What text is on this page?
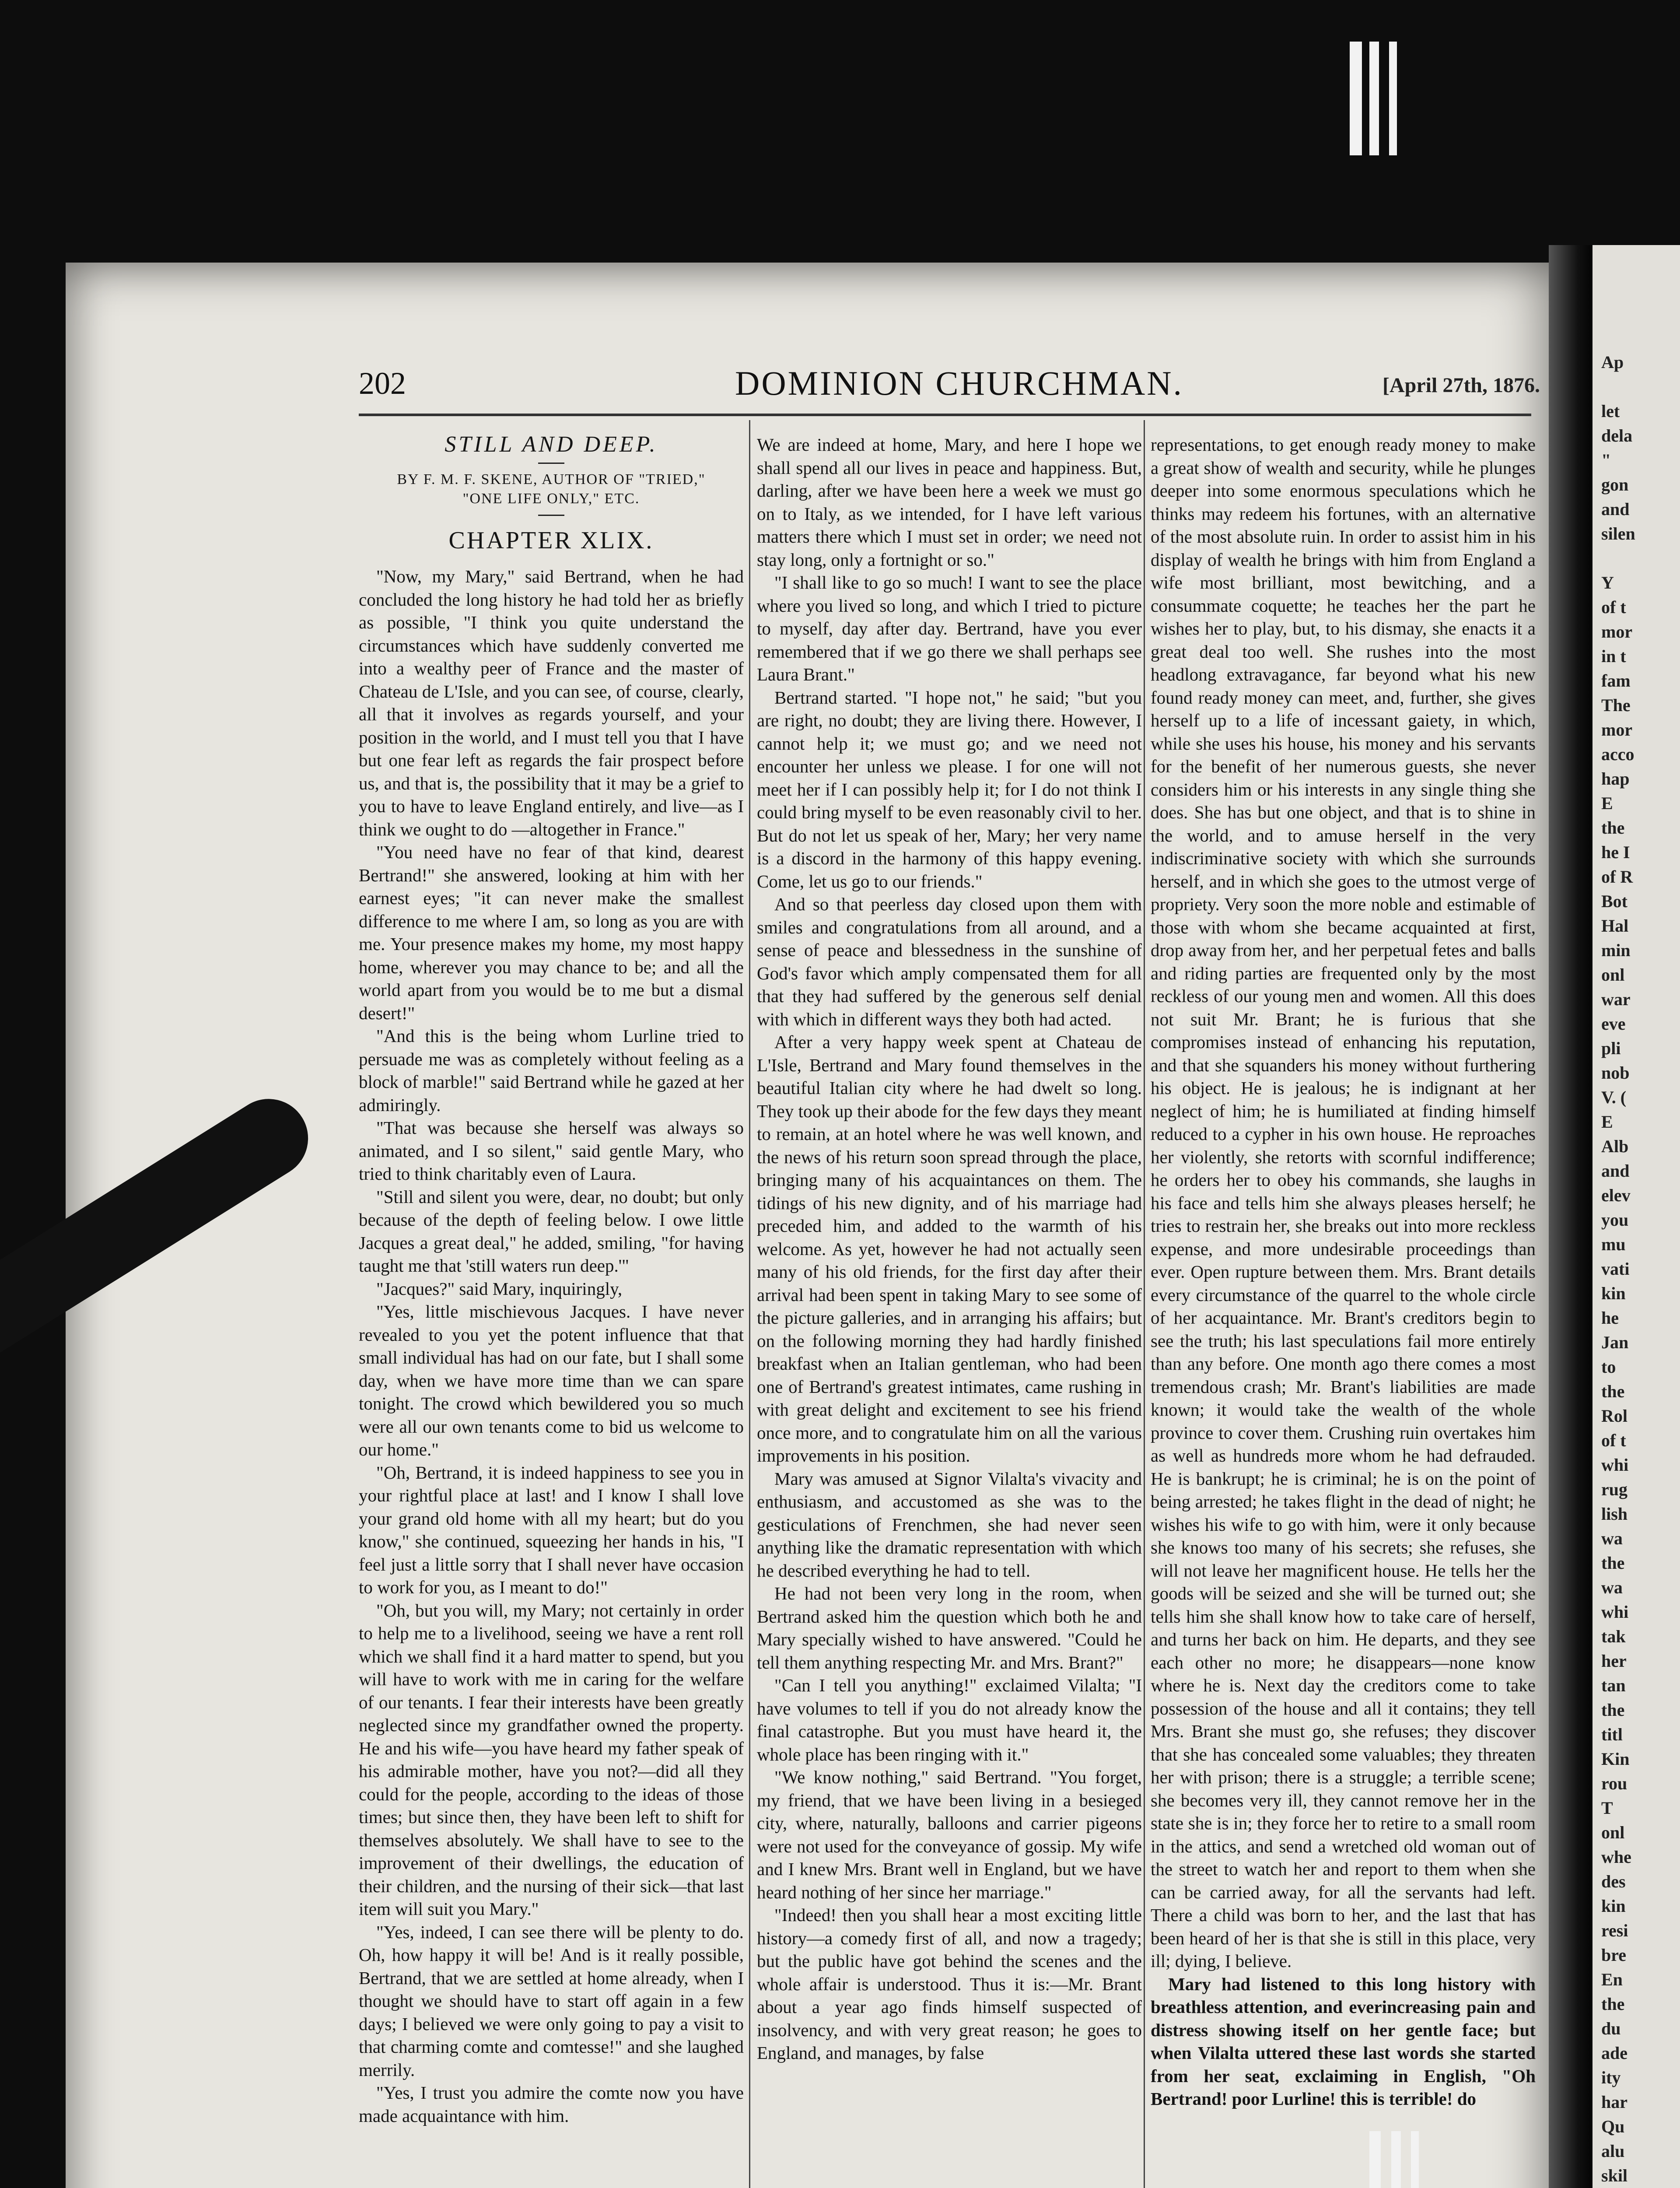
Ap

let
dela
"
gon
and
silen

Y
of t
mor
in t
fam
The
mor
acco
hap
E
the
he I
of R
Bot
Hal
min
onl
war
eve
pli
nob
V. (
E
Alb
and
elev
you
mu
vati
kin
he
Jan
to
the
Rol
of t
whi
rug
lish
wa
the
wa
whi
tak
her
tan
the
titl
Kin
rou
T
onl
whe
des
kin
resi
bre
En
the
du
ade
ity
har
Qu
alu
skil

202	DOMINION CHURCHMAN.	[April 27th, 1876.
STILL AND DEEP.
BY F. M. F. SKENE, AUTHOR OF "TRIED,"
"ONE LIFE ONLY," ETC.
CHAPTER XLIX.

"Now, my Mary," said Bertrand, when he had concluded the long history he had told her as briefly as possible, "I think you quite understand the circumstances which have suddenly converted me into a wealthy peer of France and the master of Chateau de L'Isle, and you can see, of course, clearly, all that it involves as regards yourself, and your position in the world, and I must tell you that I have but one fear left as regards the fair prospect before us, and that is, the possibility that it may be a grief to you to have to leave England entirely, and live—as I think we ought to do —altogether in France."

"You need have no fear of that kind, dearest Bertrand!" she answered, looking at him with her earnest eyes; "it can never make the smallest difference to me where I am, so long as you are with me. Your presence makes my home, my most happy home, wherever you may chance to be; and all the world apart from you would be to me but a dismal desert!"

"And this is the being whom Lurline tried to persuade me was as completely without feeling as a block of marble!" said Bertrand while he gazed at her admiringly.

"That was because she herself was always so animated, and I so silent," said gentle Mary, who tried to think charitably even of Laura.

"Still and silent you were, dear, no doubt; but only because of the depth of feeling below. I owe little Jacques a great deal," he added, smiling, "for having taught me that 'still waters run deep.'"

"Jacques?" said Mary, inquiringly,

"Yes, little mischievous Jacques. I have never revealed to you yet the potent influence that that small individual has had on our fate, but I shall some day, when we have more time than we can spare tonight. The crowd which bewildered you so much were all our own tenants come to bid us welcome to our home."

"Oh, Bertrand, it is indeed happiness to see you in your rightful place at last! and I know I shall love your grand old home with all my heart; but do you know," she continued, squeezing her hands in his, "I feel just a little sorry that I shall never have occasion to work for you, as I meant to do!"

"Oh, but you will, my Mary; not certainly in order to help me to a livelihood, seeing we have a rent roll which we shall find it a hard matter to spend, but you will have to work with me in caring for the welfare of our tenants. I fear their interests have been greatly neglected since my grandfather owned the property. He and his wife—you have heard my father speak of his admirable mother, have you not?—did all they could for the people, according to the ideas of those times; but since then, they have been left to shift for themselves absolutely. We shall have to see to the improvement of their dwellings, the education of their children, and the nursing of their sick—that last item will suit you Mary."

"Yes, indeed, I can see there will be plenty to do. Oh, how happy it will be! And is it really possible, Bertrand, that we are settled at home already, when I thought we should have to start off again in a few days; I believed we were only going to pay a visit to that charming comte and comtesse!" and she laughed merrily.

"Yes, I trust you admire the comte now you have made acquaintance with him.

We are indeed at home, Mary, and here I hope we shall spend all our lives in peace and happiness. But, darling, after we have been here a week we must go on to Italy, as we intended, for I have left various matters there which I must set in order; we need not stay long, only a fortnight or so."

"I shall like to go so much! I want to see the place where you lived so long, and which I tried to picture to myself, day after day. Bertrand, have you ever remembered that if we go there we shall perhaps see Laura Brant."

Bertrand started. "I hope not," he said; "but you are right, no doubt; they are living there. However, I cannot help it; we must go; and we need not encounter her unless we please. I for one will not meet her if I can possibly help it; for I do not think I could bring myself to be even reasonably civil to her. But do not let us speak of her, Mary; her very name is a discord in the harmony of this happy evening. Come, let us go to our friends."

And so that peerless day closed upon them with smiles and congratulations from all around, and a sense of peace and blessedness in the sunshine of God's favor which amply compensated them for all that they had suffered by the generous self denial with which in different ways they both had acted.

After a very happy week spent at Chateau de L'Isle, Bertrand and Mary found themselves in the beautiful Italian city where he had dwelt so long. They took up their abode for the few days they meant to remain, at an hotel where he was well known, and the news of his return soon spread through the place, bringing many of his acquaintances on them. The tidings of his new dignity, and of his marriage had preceded him, and added to the warmth of his welcome. As yet, however he had not actually seen many of his old friends, for the first day after their arrival had been spent in taking Mary to see some of the picture galleries, and in arranging his affairs; but on the following morning they had hardly finished breakfast when an Italian gentleman, who had been one of Bertrand's greatest intimates, came rushing in with great delight and excitement to see his friend once more, and to congratulate him on all the various improvements in his position.

Mary was amused at Signor Vilalta's vivacity and enthusiasm, and accustomed as she was to the gesticulations of Frenchmen, she had never seen anything like the dramatic representation with which he described everything he had to tell.

He had not been very long in the room, when Bertrand asked him the question which both he and Mary specially wished to have answered. "Could he tell them anything respecting Mr. and Mrs. Brant?"

"Can I tell you anything!" exclaimed Vilalta; "I have volumes to tell if you do not already know the final catastrophe. But you must have heard it, the whole place has been ringing with it."

"We know nothing," said Bertrand. "You forget, my friend, that we have been living in a besieged city, where, naturally, balloons and carrier pigeons were not used for the conveyance of gossip. My wife and I knew Mrs. Brant well in England, but we have heard nothing of her since her marriage."

"Indeed! then you shall hear a most exciting little history—a comedy first of all, and now a tragedy; but the public have got behind the scenes and the whole affair is understood. Thus it is:—Mr. Brant about a year ago finds himself suspected of insolvency, and with very great reason; he goes to England, and manages, by false

representations, to get enough ready money to make a great show of wealth and security, while he plunges deeper into some enormous speculations which he thinks may redeem his fortunes, with an alternative of the most absolute ruin. In order to assist him in his display of wealth he brings with him from England a wife most brilliant, most bewitching, and a consummate coquette; he teaches her the part he wishes her to play, but, to his dismay, she enacts it a great deal too well. She rushes into the most headlong extravagance, far beyond what his new found ready money can meet, and, further, she gives herself up to a life of incessant gaiety, in which, while she uses his house, his money and his servants for the benefit of her numerous guests, she never considers him or his interests in any single thing she does. She has but one object, and that is to shine in the world, and to amuse herself in the very indiscriminative society with which she surrounds herself, and in which she goes to the utmost verge of propriety. Very soon the more noble and estimable of those with whom she became acquainted at first, drop away from her, and her perpetual fetes and balls and riding parties are frequented only by the most reckless of our young men and women. All this does not suit Mr. Brant; he is furious that she compromises instead of enhancing his reputation, and that she squanders his money without furthering his object. He is jealous; he is indignant at her neglect of him; he is humiliated at finding himself reduced to a cypher in his own house. He reproaches her violently, she retorts with scornful indifference; he orders her to obey his commands, she laughs in his face and tells him she always pleases herself; he tries to restrain her, she breaks out into more reckless expense, and more undesirable proceedings than ever. Open rupture between them. Mrs. Brant details every circumstance of the quarrel to the whole circle of her acquaintance. Mr. Brant's creditors begin to see the truth; his last speculations fail more entirely than any before. One month ago there comes a most tremendous crash; Mr. Brant's liabilities are made known; it would take the wealth of the whole province to cover them. Crushing ruin overtakes him as well as hundreds more whom he had defrauded. He is bankrupt; he is criminal; he is on the point of being arrested; he takes flight in the dead of night; he wishes his wife to go with him, were it only because she knows too many of his secrets; she refuses, she will not leave her magnificent house. He tells her the goods will be seized and she will be turned out; she tells him she shall know how to take care of herself, and turns her back on him. He departs, and they see each other no more; he disappears—none know where he is. Next day the creditors come to take possession of the house and all it contains; they tell Mrs. Brant she must go, she refuses; they discover that she has concealed some valuables; they threaten her with prison; there is a struggle; a terrible scene; she becomes very ill, they cannot remove her in the state she is in; they force her to retire to a small room in the attics, and send a wretched old woman out of the street to watch her and report to them when she can be carried away, for all the servants had left. There a child was born to her, and the last that has been heard of her is that she is still in this place, very ill; dying, I believe.

Mary had listened to this long history with breathless attention, and everincreasing pain and distress showing itself on her gentle face; but when Vilalta uttered these last words she started from her seat, exclaiming in English, "Oh Bertrand! poor Lurline! this is terrible! do
